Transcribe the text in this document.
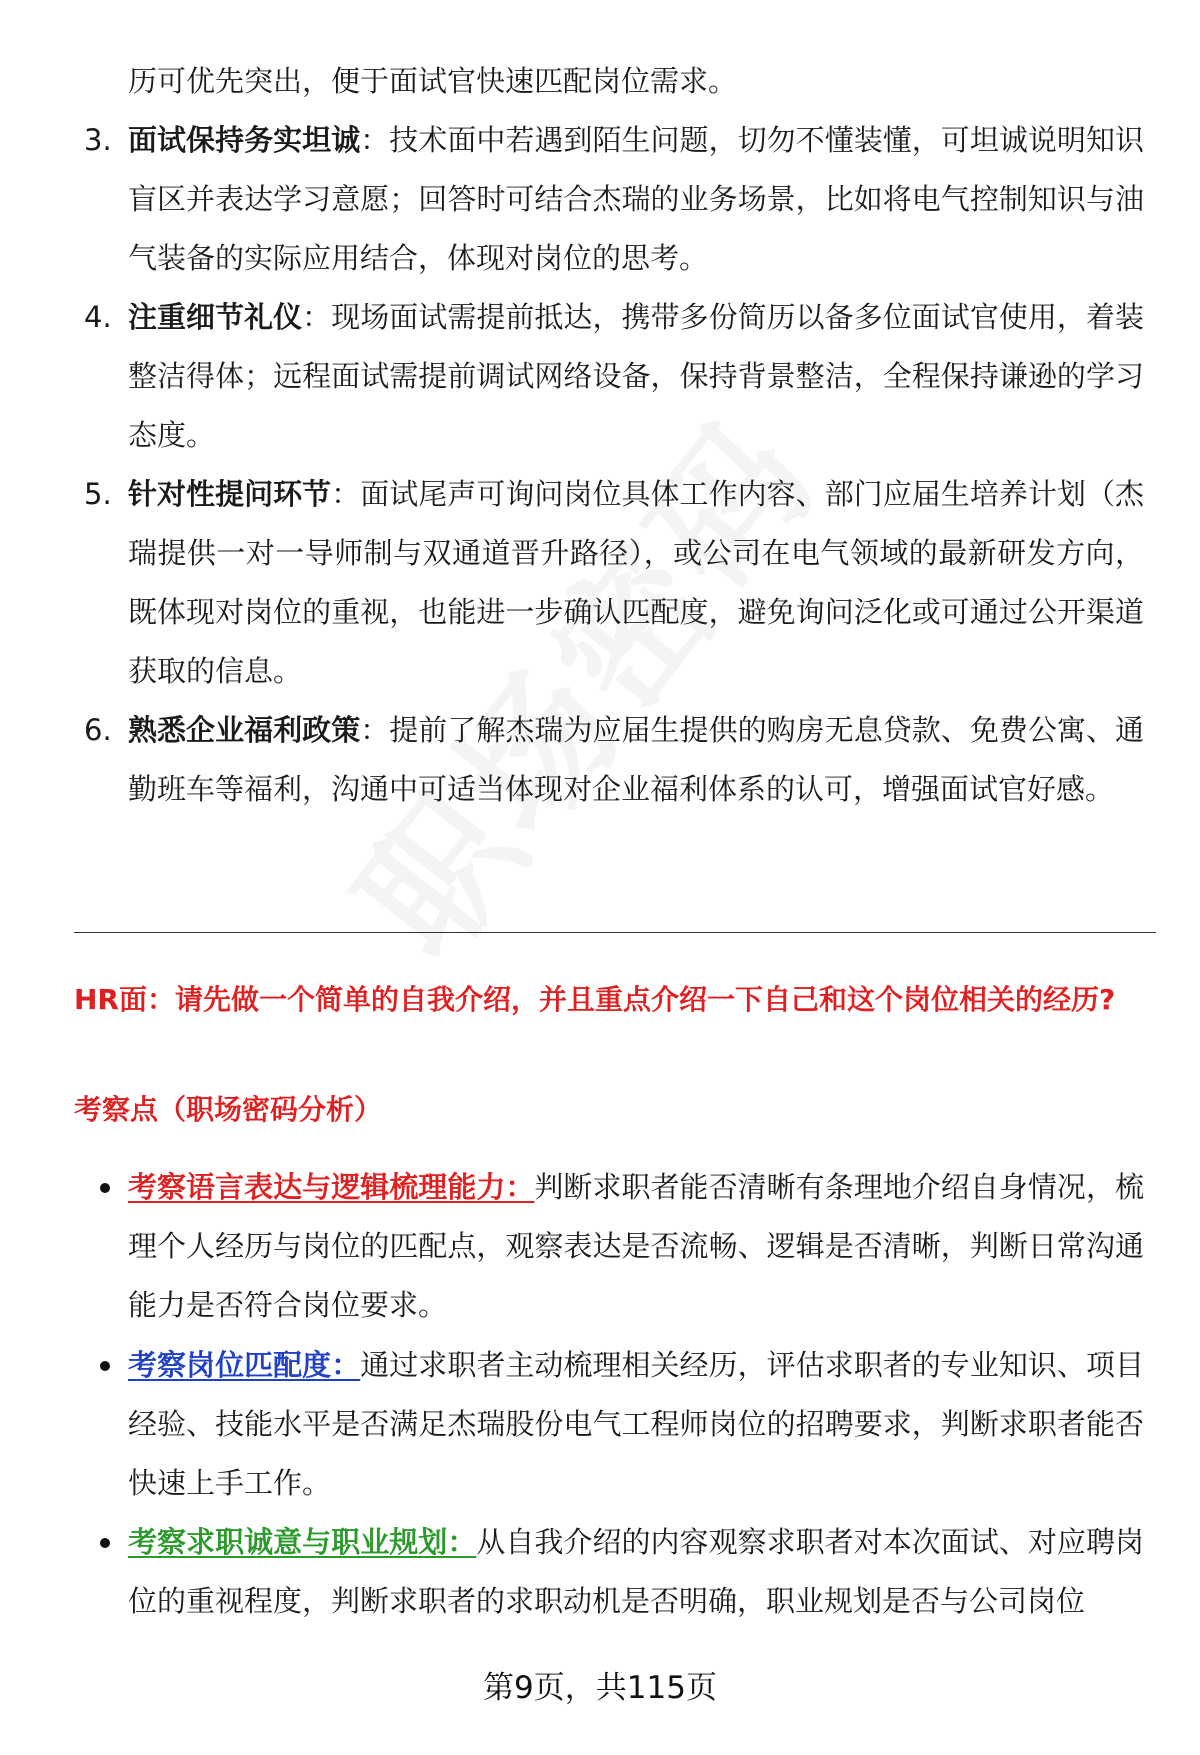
历可优先突出，便于面试官快速匹配岗位需求。
3. 面试保持务实坦诚：技术面中若遇到陌生问题，切勿不懂装懂，可坦诚说明知识盲区并表达学习意愿；回答时可结合杰瑞的业务场景，比如将电气控制知识与油气装备的实际应用结合，体现对岗位的思考。
4. 注重细节礼仪：现场面试需提前抵达，携带多份简历以备多位面试官使用，着装整洁得体；远程面试需提前调试网络设备，保持背景整洁，全程保持谦逊的学习态度。
5. 针对性提问环节：面试尾声可询问岗位具体工作内容、部门应届生培养计划（杰瑞提供一对一导师制与双通道晋升路径），或公司在电气领域的最新研发方向，既体现对岗位的重视，也能进一步确认匹配度，避免询问泛化或可通过公开渠道获取的信息。
6. 熟悉企业福利政策：提前了解杰瑞为应届生提供的购房无息贷款、免费公寓、通勤班车等福利，沟通中可适当体现对企业福利体系的认可，增强面试官好感。
HR面：请先做一个简单的自我介绍，并且重点介绍一下自己和这个岗位相关的经历?
考察点（职场密码分析）
考察语言表达与逻辑梳理能力：判断求职者能否清晰有条理地介绍自身情况，梳理个人经历与岗位的匹配点，观察表达是否流畅、逻辑是否清晰，判断日常沟通能力是否符合岗位要求。
考察岗位匹配度：通过求职者主动梳理相关经历，评估求职者的专业知识、项目经验、技能水平是否满足杰瑞股份电气工程师岗位的招聘要求，判断求职者能否快速上手工作。
考察求职诚意与职业规划：从自我介绍的内容观察求职者对本次面试、对应聘岗位的重视程度，判断求职者的求职动机是否明确，职业规划是否与公司岗位
第9页，共115页
